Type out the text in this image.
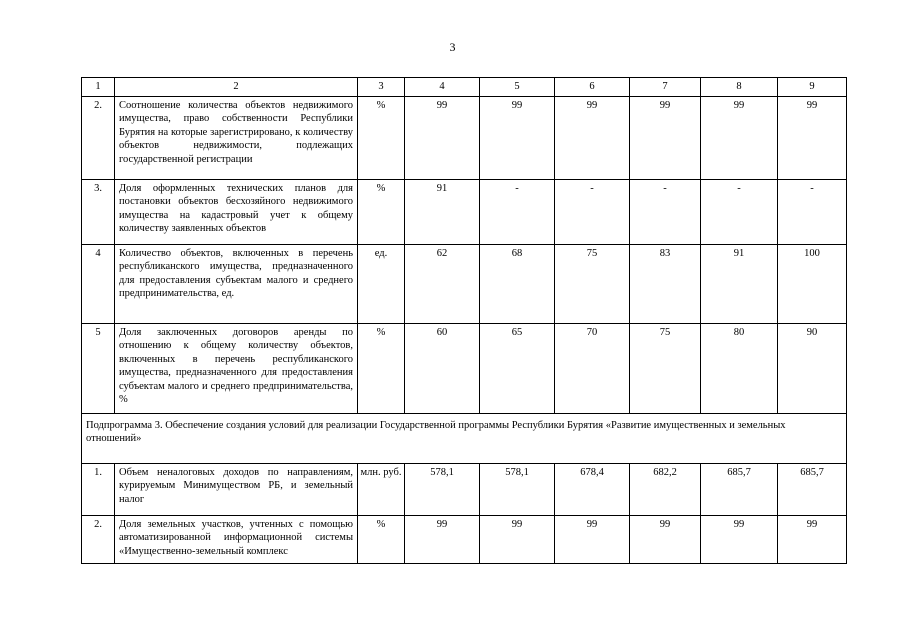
3
1	2	3	4	5	6	7	8	9
2.	Соотношение количества объектов недвижимого имущества, право собственности Республики Бурятия на которые зарегистрировано, к количеству объектов недвижимости, подлежащих государственной регистрации	%	99	99	99	99	99	99
3.	Доля оформленных технических планов для постановки объектов бесхозяйного недвижимого имущества на кадастровый учет к общему количеству заявленных объектов	%	91	-	-	-	-	-
4	Количество объектов, включенных в перечень республиканского имущества, предназначенного для предоставления субъектам малого и среднего предпринимательства, ед.	ед.	62	68	75	83	91	100
5	Доля заключенных договоров аренды по отношению к общему количеству объектов, включенных в перечень республиканского имущества, предназначенного для предоставления субъектам малого и среднего предпринимательства, %	%	60	65	70	75	80	90
Подпрограмма 3. Обеспечение создания условий для реализации Государственной программы Республики Бурятия «Развитие имущественных и земельных отношений»								
1.	Объем неналоговых доходов по направлениям, курируемым Минимуществом РБ, и земельный налог	млн. руб.	578,1	578,1	678,4	682,2	685,7	685,7
2.	Доля земельных участков, учтенных с помощью автоматизированной информационной системы «Имущественно-земельный комплекс	%	99	99	99	99	99	99
